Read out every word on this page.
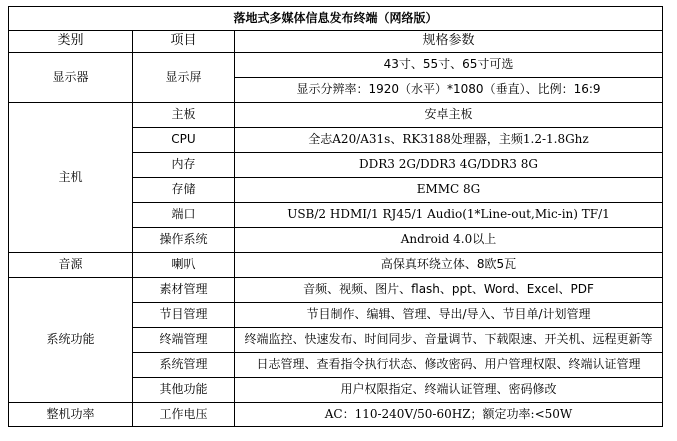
落地式多媒体信息发布终端（网络版）		
类别	项目	规格参数
显示器	显示屏	43寸、55寸、65寸可选
		显示分辨率：1920（水平）*1080（垂直）、比例：16:9
主机	主板	安卓主板
	CPU	全志A20/A31s、RK3188处理器，主频1.2-1.8Ghz
	内存	DDR3 2G/DDR3 4G/DDR3 8G
	存储	EMMC 8G
	端口	USB/2 HDMI/1 RJ45/1 Audio(1*Line-out,Mic-in) TF/1
	操作系统	Android 4.0以上
音源	喇叭	高保真环绕立体、8欧5瓦
系统功能	素材管理	音频、视频、图片、flash、ppt、Word、Excel、PDF
	节目管理	节目制作、编辑、管理、导出/导入、节目单/计划管理
	终端管理	终端监控、快速发布、时间同步、音量调节、下载限速、开关机、远程更新等
	系统管理	日志管理、查看指令执行状态、修改密码、用户管理权限、终端认证管理
	其他功能	用户权限指定、终端认证管理、密码修改
整机功率	工作电压	AC：110-240V/50-60HZ；额定功率:<50W
